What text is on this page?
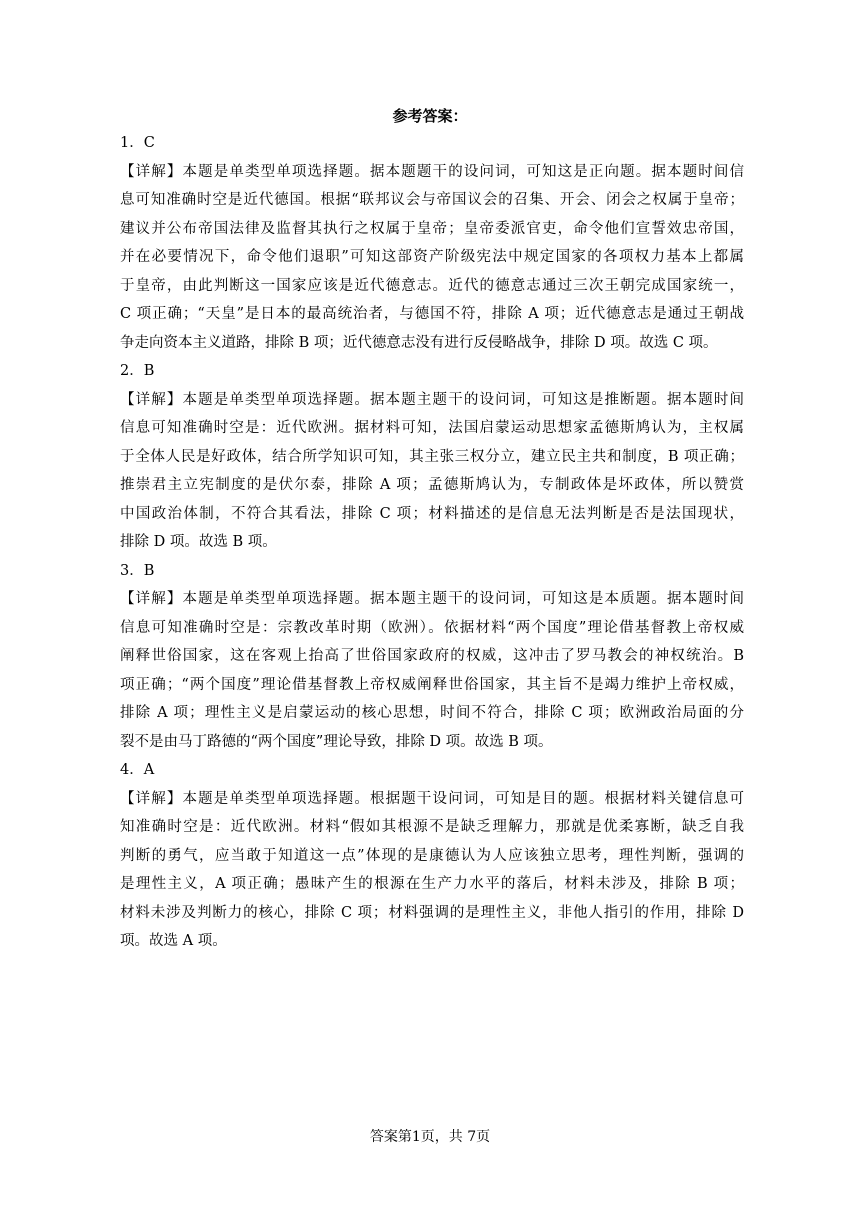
参考答案：
1．C
【详解】本题是单类型单项选择题。据本题题干的设问词，可知这是正向题。据本题时间信
息可知准确时空是近代德国。根据“联邦议会与帝国议会的召集、开会、闭会之权属于皇帝；
建议并公布帝国法律及监督其执行之权属于皇帝；皇帝委派官吏，命令他们宣誓效忠帝国，
并在必要情况下，命令他们退职”可知这部资产阶级宪法中规定国家的各项权力基本上都属
于皇帝，由此判断这一国家应该是近代德意志。近代的德意志通过三次王朝完成国家统一，
C 项正确；“天皇”是日本的最高统治者，与德国不符，排除 A 项；近代德意志是通过王朝战
争走向资本主义道路，排除 B 项；近代德意志没有进行反侵略战争，排除 D 项。故选 C 项。
2．B
【详解】本题是单类型单项选择题。据本题主题干的设问词，可知这是推断题。据本题时间
信息可知准确时空是：近代欧洲。据材料可知，法国启蒙运动思想家孟德斯鸠认为，主权属
于全体人民是好政体，结合所学知识可知，其主张三权分立，建立民主共和制度，B 项正确；
推崇君主立宪制度的是伏尔泰，排除 A 项；孟德斯鸠认为，专制政体是坏政体，所以赞赏
中国政治体制，不符合其看法，排除 C 项；材料描述的是信息无法判断是否是法国现状，
排除 D 项。故选 B 项。
3．B
【详解】本题是单类型单项选择题。据本题主题干的设问词，可知这是本质题。据本题时间
信息可知准确时空是：宗教改革时期（欧洲）。依据材料“两个国度”理论借基督教上帝权威
阐释世俗国家，这在客观上抬高了世俗国家政府的权威，这冲击了罗马教会的神权统治。B
项正确；“两个国度”理论借基督教上帝权威阐释世俗国家，其主旨不是竭力维护上帝权威，
排除 A 项；理性主义是启蒙运动的核心思想，时间不符合，排除 C 项；欧洲政治局面的分
裂不是由马丁路德的“两个国度”理论导致，排除 D 项。故选 B 项。
4．A
【详解】本题是单类型单项选择题。根据题干设问词，可知是目的题。根据材料关键信息可
知准确时空是：近代欧洲。材料“假如其根源不是缺乏理解力，那就是优柔寡断，缺乏自我
判断的勇气，应当敢于知道这一点”体现的是康德认为人应该独立思考，理性判断，强调的
是理性主义，A 项正确；愚昧产生的根源在生产力水平的落后，材料未涉及，排除 B 项；
材料未涉及判断力的核心，排除 C 项；材料强调的是理性主义，非他人指引的作用，排除 D
项。故选 A 项。
答案第1页，共 7页
